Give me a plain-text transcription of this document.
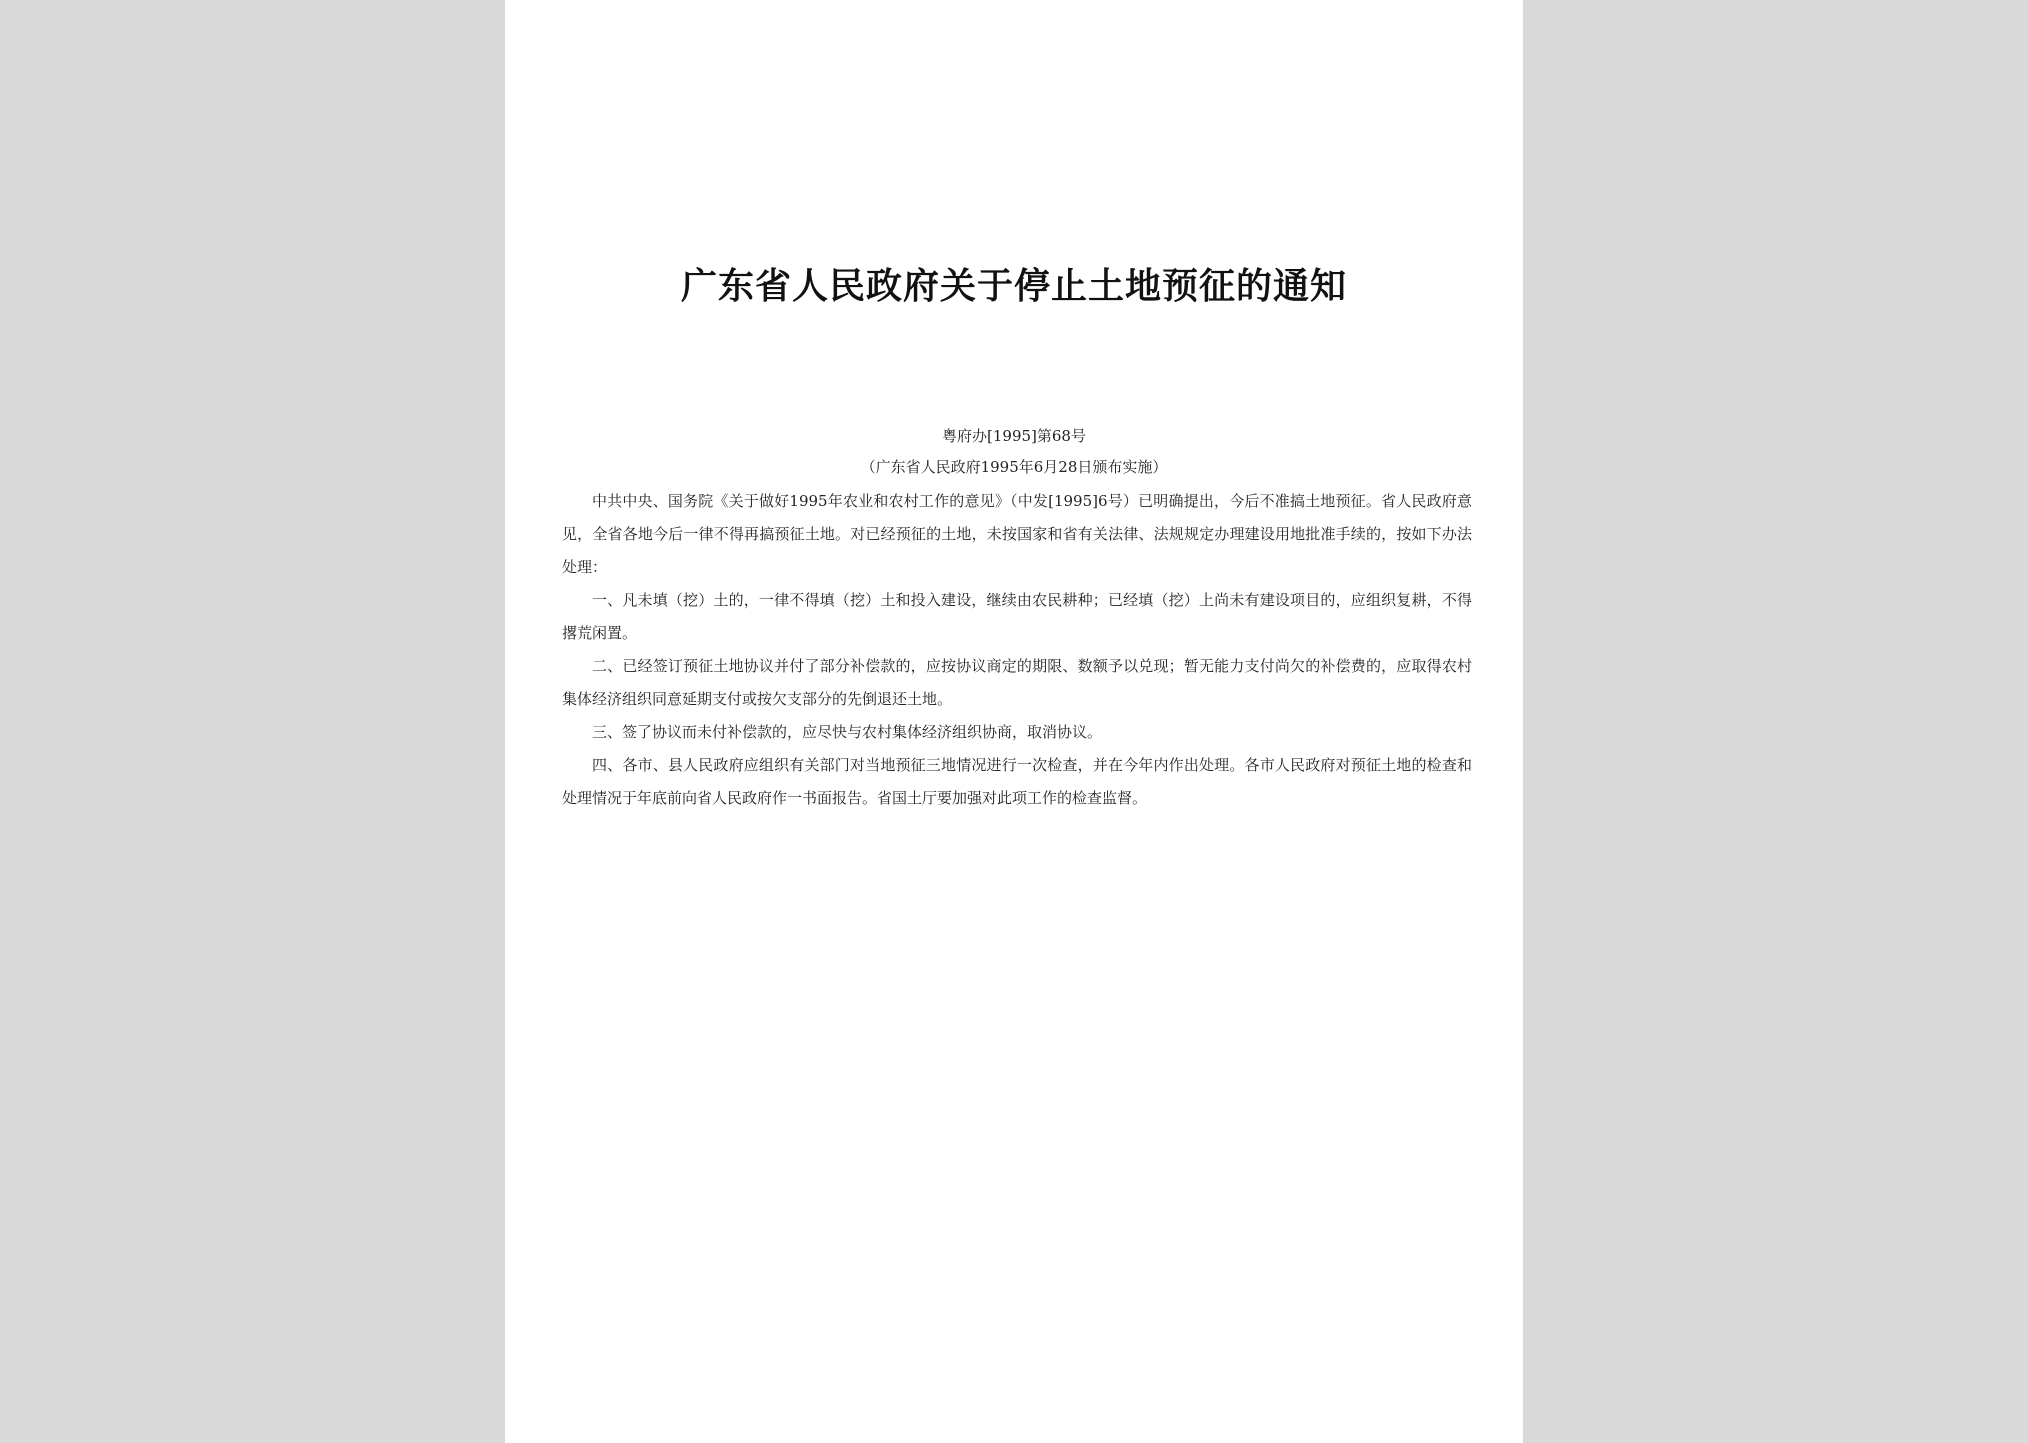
广东省人民政府关于停止土地预征的通知
粤府办[1995]第68号
（广东省人民政府1995年6月28日颁布实施）

中共中央、国务院《关于做好1995年农业和农村工作的意见》（中发[1995]6号）已明确提出，今后不准搞土地预征。省人民政府意见，全省各地今后一律不得再搞预征土地。对已经预征的土地，未按国家和省有关法律、法规规定办理建设用地批准手续的，按如下办法处理：

一、凡未填（挖）土的，一律不得填（挖）土和投入建设，继续由农民耕种；已经填（挖）上尚未有建设项目的，应组织复耕，不得撂荒闲置。

二、已经签订预征土地协议并付了部分补偿款的，应按协议商定的期限、数额予以兑现；暂无能力支付尚欠的补偿费的，应取得农村集体经济组织同意延期支付或按欠支部分的先倒退还土地。

三、签了协议而未付补偿款的，应尽快与农村集体经济组织协商，取消协议。

四、各市、县人民政府应组织有关部门对当地预征三地情况进行一次检查，并在今年内作出处理。各市人民政府对预征土地的检查和处理情况于年底前向省人民政府作一书面报告。省国土厅要加强对此项工作的检查监督。
